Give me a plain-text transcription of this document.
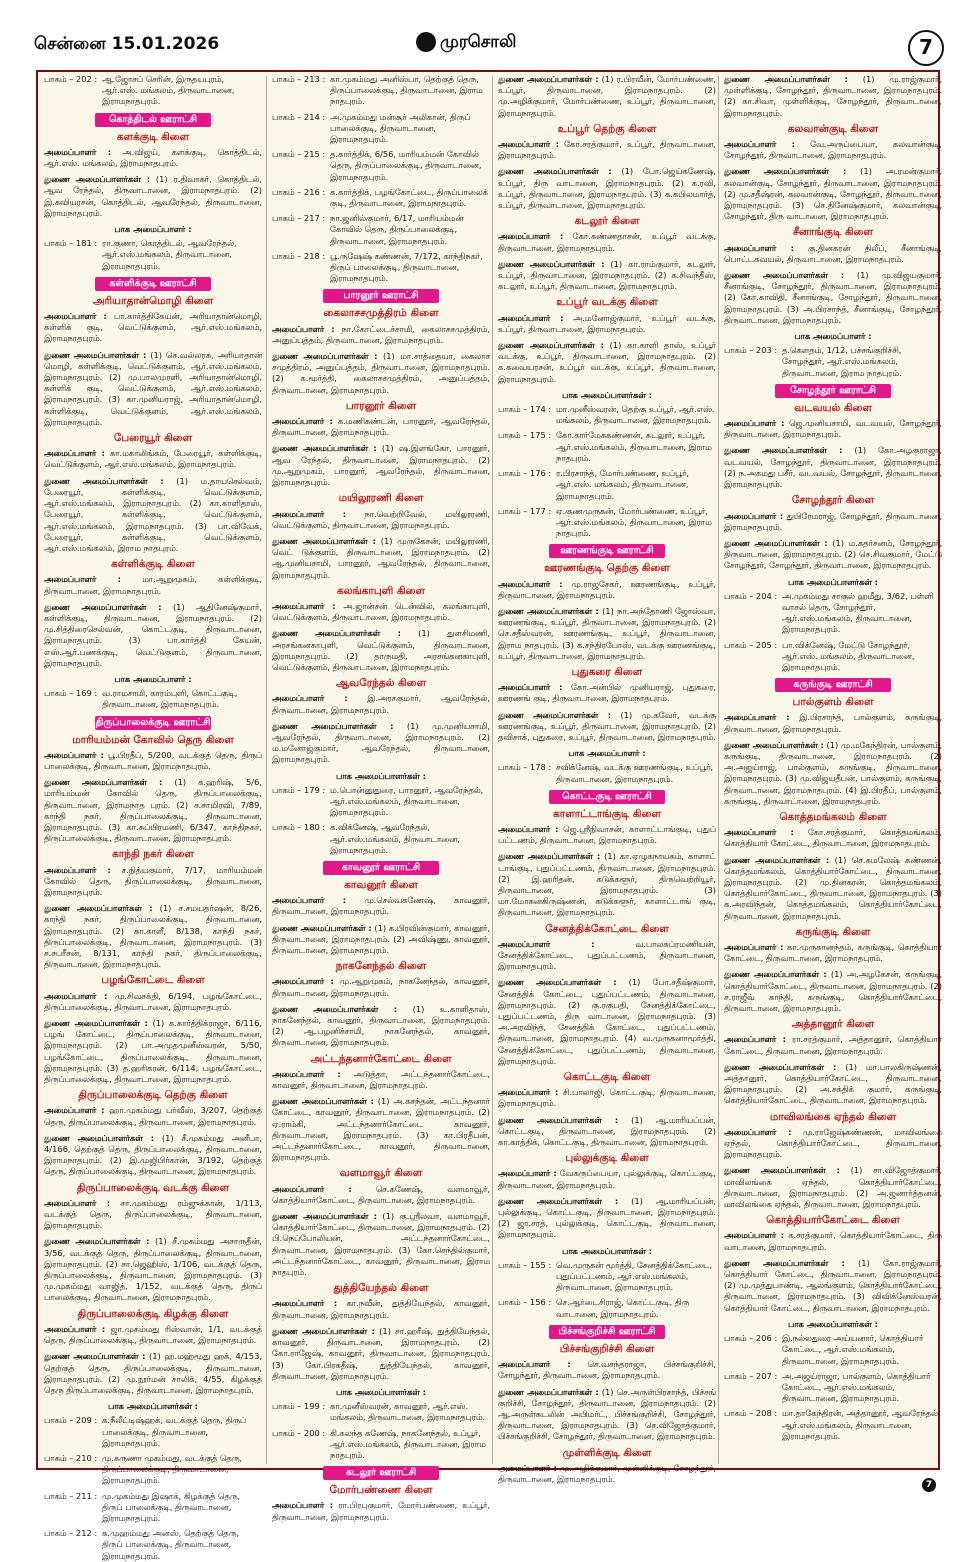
சென்னை 15.01.2026	முரசொலி	7
பாகம் – 202 : ஆ.ஜோசப் செரின், இருதயபுரம், ஆர்.எஸ். மங்கலம், திருவாடானை, இராமநாதபுரம்.
கொத்திடல் ஊராட்சி
களக்குடி கிளை

அமைப்பாளர் : அ.விஜய், களக்குடி, கொத்திடல், ஆர்.எஸ். மங்கலம், இராமநாதபுரம்.

துணை அமைப்பாளர்கள் : (1) ர.திவாகர், கொத்திடல், ஆவ ரேந்தல், திருவாடானை, இராமநாதபுரம். (2) இ.கவியரசன், கொத்திடல், ஆவரேந்தல், திருவாடானை, இராமநாதபுரம்.

பாக அமைப்பாளர் :
பாகம் – 181 : ரா.குணா, கொத்திடல், ஆவரேந்தல், ஆர்.எஸ்.மங்கலம், திருவாடானை, இராமநாதபுரம்.
கள்ளிக்குடி ஊராட்சி
அரியாதான்மொழி கிளை

அமைப்பாளர் : பா.கார்த்திகேயன், அரியாதான்மொழி, கள்ளிக் குடி, வெட்டுக்குளம், ஆர்.எஸ்.மங்கலம், இராமநாதபுரம்.

துணை அமைப்பாளர்கள் : (1) செ.வல்லரசு, அரியாதான் மொழி, கள்ளிக்குடி, வெட்டுக்குளம், ஆர்.எஸ்.மங்கலம், இராமநாதபுரம். (2) மு.பாலமுரளி, அரியாதான்மொழி, கள்ளிக் குடி, வெட்டுக்குளம், ஆர்.எஸ்.மங்கலம், இராமநாதபுரம். (3) கா.முனியராஜ், அரியாதான்மொழி, கள்ளிக்குடி, வெட்டுக்குளம், ஆர்.எஸ்.மங்கலம், இராமநாதபுரம்.

பேரையூர் கிளை

அமைப்பாளர் : கா.மகாலிங்கம், பேரையூர், கள்ளிக்குடி, வெட்டுக்குளம், ஆர்.எஸ்.மங்கலம், இராமநாதபுரம்.

துணை அமைப்பாளர்கள் : (1) ம.தாயசெல்வம், பேரையூர், கள்ளிக்குடி, வெட்டுக்குளம், ஆர்.எஸ்.மங்கலம், இராமநாதபுரம். (2) கா.காளிதாஸ், பேரையூர், கள்ளிக்குடி, வெட்டுக்குளம், ஆர்.எஸ்.மங்கலம், இராமநாதபுரம். (3) பா.விவேக், பேரையூர், கள்ளிக்குடி, வெட்டுக்குளம், ஆர்.எஸ்.மங்கலம், இராம நாதபுரம்.

கள்ளிக்குடி கிளை

அமைப்பாளர் : மா.ஆறுமுகம், கள்ளிக்குடி, திருவாடானை, இராமநாதபுரம்.

துணை அமைப்பாளர்கள் : (1) ஆதினேஷ்குமார், கள்ளிக்குடி, திருவாடானை, இராமநாதபுரம். (2) மு.சித்திரைசெல்வன், கொட்டகுடி, திருவாடானை, இராமநாதபுரம். (3) பா.கார்த்தி கேயன், எஸ்.ஆர்.பணக்குடி, வெட்டுகுளம், திருவாடானை, இராமநாதபுரம்.

பாக அமைப்பாளர் :
பாகம் – 169 : வ.ராமசாமி, காரம்புளி, கொட்டகுடி, திருவாடானை, இராமநாதபுரம்.
திருப்பாலைக்குடி ஊராட்சி
மாரியம்மன் கோவில் தெரு கிளை

அமைப்பாளர் : பூ.பிரதீப், 5/200, வடக்குத் தெரு, திருப் பாலைக்குடி, திருவாடானை, இராமநாதபுரம்.

துணை அமைப்பாளர்கள் : (1) க.ஹரிஷ், 5/6, மாரியம்மன் கோவில் தெரு, திருப்பாலைக்குடி, திருவாடானை, இராமநாத புரம். (2) ச.சாமிரவி, 7/89, காந்தி நகர், திருப்பாலைக்குடி, திருவாடானை, இராமநாதபுரம். (3) கா.சுப்பிரமணி, 6/347, காந்திநகர், திருப்பாலைக்குடி, திருவாடானை, இராமநாதபுரம்.

காந்தி நகர் கிளை

அமைப்பாளர் : ச.நித்யகுமார், 7/17, மாரியம்மன் கோவில் தெரு, திருப்பாலைக்குடி, திருவாடானை, இராமநாதபுரம்.

துணை அமைப்பாளர்கள் : (1) ச.சமயதர்ஷன், 8/26, காந்தி நகர், திருப்பாலைக்குடி, திருவாடானை, இராமநாதபுரம். (2) கா.காளீ, 8/138, காந்தி நகர், திருப்பாலைக்குடி, திருவாடானை, இராமநாதபுரம். (3) ச.சபரீசன், 8/131, காந்தி நகர், திருப்பாலைக்குடி, திருவாடானை, இராமநாதபுரம்.

பழங்கோட்டை கிளை

அமைப்பாளர் : மு.சிவசக்தி, 6/194, பழங்கோட்டை, திருப்பாலைக்குடி, திருவாடானை, இராமநாதபுரம்.

துணை அமைப்பாளர்கள் : (1) க.கார்த்திக்ராஜா, 6/116, பழங் கோட்டை, திருப்பாலைக்குடி, திருவாடானை, இராமநாதபுரம். (2) பா.அமுதமுனீஸ்வரன், 5/50, பழங்கோட்டை, திருப்பாலைக்குடி, திருவாடானை, இராமநாதபுரம். (3) த.ஹரிகரன், 6/114, பழங்கோட்டை, திருப்பாலைக்குடி, திருவாடானை, இராமநாதபுரம்.

திருப்பாலைக்குடி தெற்கு கிளை

அமைப்பாளர் : ஹா.முகம்மது பர்வீஸ், 3/207, தெற்குத் தெரு, திருப்பாலைக்குடி, திருவாடானை, இராமநாதபுரம்.

துணை அமைப்பாளர்கள் : (1) சீ.முகம்மது அனீபா, 4/166, தெற்குத் தெரு, திருப்பாலைக்குடி, திருவாடானை, இராமநாதபுரம். (2) இ.முஜிபிர்கான், 3/192, தெற்குத் தெரு, திருப்பாலைக்குடி, திருவாடானை, இராமநாதபுரம்.

திருப்பாலைக்குடி வடக்கு கிளை

அமைப்பாளர் : சா.முகம்மது ரம்ஜுக்கான், 1/113, வடக்குத் தெரு, திருப்பாலைக்குடி, திருவாடானை, இராமநாதபுரம்.

துணை அமைப்பாளர்கள் : (1) சீ.முகம்மது அசாருதீன், 3/56, வடக்குத் தெரு, திருப்பாலைக்குடி, திருவாடானை, இராமநாதபுரம். (2) சா.ஜெஹிஸ், 1/106, வடக்குத் தெரு, திருப்பாலைக்குடி, திருவாடானை, இராமநாதபுரம். (3) மு.முகம்மது வாஜித், 1/152, வடக்குத் தெரு, திருப் பாலைக்குடி, திருவாடானை, இராமநாதபுரம்.

திருப்பாலைக்குடி கிழக்கு கிளை

அமைப்பாளர் : ஜா.முகம்மது ரிஸ்வான், 1/1, வடக்குத் தெரு, திருப்பாலைக்குடி, திருவாடானை, இராமநாதபுரம்.

துணை அமைப்பாளர்கள் : (1) ஹ.மஹ்மூது ஹக், 4/153, தெற்குத் தெரு, திருப்பாலைக்குடி, திருவாடானை, இராமநாதபுரம். (2) மு.நூர்மன் சாலிக், 4/55, கிழக்குத் தெரு திருப்பாலைக்குடி, திருவாடானை, இராமநாதபுரம்.

பாக அமைப்பாளர்கள் :
பாகம் – 209 : க.நீலீட்டிஷ்ஹக், வடக்குத் தெரு, திருப் பாலைக்குடி, திருவாடானை, இராமநாதபுரம்.
பாகம் – 210 : மு.கருணா முகம்மது, வடக்குத் தெரு, திருப்பாலைக்குடி, திருவாடானை, இராமநாதபுரம்.
பாகம் – 211 : மு.முகம்மது இஷாக், கிழக்குத் தெரு, திருப் பாலைக்குடி, திருவாடானை, இராமநாதபுரம்.
பாகம் – 212 : க.முஹம்மது அனஸ், தெற்குத் தெரு, திருப் பாலைக்குடி, திருவாடானை, இராமநாதபுரம்.
பாகம் – 213 : கா.முகம்மது அனிஸ்பா, தெற்குத் தெரு, திருப்பாலைக்குடி, திருவாடானை, இராம நாதபுரம்.
பாகம் – 214 : அ.முகம்மது மன்சூர் அலிகான், திருப் பாலைக்குடி, திருவாடானை, இராமநாதபுரம்.
பாகம் – 215 : த.கார்த்திக், 6/56, மாரியம்மன் கோவில் தெரு, திருப்பாலைக்குடி, திருவாடானை, இராமநாதபுரம்.
பாகம் – 216 : க.கார்த்திக், பழங்கோட்டை, திருப்பாலைக் குடி, திருவாடானை, இராமநாதபுரம்.
பாகம் – 217 : நா.ஜனில்குமார், 6/17, மாரியம்மன் கோவில் தெரு, திருப்பாலைக்குடி, திருவாடானை, இராமநாதபுரம்.
பாகம் – 218 : பூ.ருஷேஷ் கண்ணன், 7/172, காந்திநகர், திருப் பாலைக்குடி, திருவாடானை, இராமநாதபுரம்.
பாரனூர் ஊராட்சி
கைலாசசமுத்திரம் கிளை

அமைப்பாளர் : நா.கோட்டைச்சாமி, கைலாசசமுத்திரம், அனுப்பத்தம், திருவாடானை, இராமநாதபுரம்.

துணை அமைப்பாளர்கள் : (1) மா.சாத்தையா, கைலாச சமுத்திரம், அனுப்பத்தம், திருவாடானை, இராமநாதபுரம். (2) க.மூர்த்தி, கைலாசசமுத்திரம், அனுப்பத்தம், திருவாடானை, இராமநாதபுரம்.

பாரனூர் கிளை

அமைப்பாளர் : க.மணிகண்டன், பாரனூர், ஆவரேந்தல், திருவாடானை, இராமநாதபுரம்.

துணை அமைப்பாளர்கள் : (1) ஷ.இளங்கோ, பாரனூர், ஆவ ரேந்தல், திருவாடானை, இராமநாதபுரம். (2) மு.ஆறுமுகம், பாரனூர், ஆவரேந்தல், திருவாடானை, இராமநாதபுரம்.

மயிலூரணி கிளை

அமைப்பாளர் : நா.வெற்றிவேல், மயிலூரணி, வெட்டுக்குளம், திருவாடானை, இராமநாதபுரம்.

துணை அமைப்பாளர்கள் : (1) முருகேசன், மயிலூரணி, வெட் டுக்குளம், திருவாடானை, இராமநாதபுரம். (2) ஆ.முனியசாமி, பாரனூர், ஆவரேந்தல், திருவாடானை, இராமநாதபுரம்.

கலங்காபுளி கிளை

அமைப்பாளர் : அ.ஜான்சன் டென்வில், கலங்காபுளி, வெட்டுக்குளம், திருவாடானை, இராமநாதபுரம்.

துணை அமைப்பாளர்கள் : (1) துளசிமணி, அரசங்கனகாபுளி, வெட்டுக்குளம், திருவாடானை, இராமநாதபுரம். (2) தாருமதி, அரசங்கனகாபுளி, வெட்டுக்குளம், திருவாடானை, இராமநாதபுரம்.

ஆவரேந்தல் கிளை

அமைப்பாளர் : இ.அரசகுமார், ஆவரேந்தல், திருவாடானை, இராமநாதபுரம்.

துணை அமைப்பாளர்கள் : (1) மு.முனியசாமி, ஆவரேந்தல், திருவாடானை, இராமநாதபுரம். (2) ம.மனோஜ்குமார், ஆவரேந்தல், திருவாடானை, இராமநாதபுரம்.

பாக அமைப்பாளர்கள் :
பாகம் – 179 : ம.பொன்னுதுரை, பாரனூர், ஆவரேந்தல், ஆர்.எஸ்.மங்கலம், திருவாடானை, இராமநாதபுரம்.
பாகம் – 180 : க.விக்னேஷ், ஆவரேந்தல், ஆர்.எஸ்.மங்கலம், திருவாடானை, இராமநாதபுரம்.
காவனூர் ஊராட்சி
காவனூர் கிளை

அமைப்பாளர் : மு.செல்வகணேஷ், காவனூர், திருவாடானை, இராமநாதபுரம்.

துணை அமைப்பாளர்கள் : (1) க.பிரவின்குமார், காவனூர், திருவாடானை, இராமநாதபுரம். (2) அவிஷ்ணு, காவனூர், திருவாடானை, இராமநாதபுரம்.

நாகனேந்தல் கிளை

அமைப்பாளர் : மு.ஆறுமுகம், நாகனேந்தல், காவனூர், திருவாடானை, இராமநாதபுரம்.

துணை அமைப்பாளர்கள் : (1) உ.காளிதாஸ், நாகனேந்தல், காவனூர், திருவாடானை, இராமநாதபுரம். (2) ஆ.பழனிச்சாமி, நாகனேந்தல், காவனூர், திருவாடானை, இராமநாதபுரம்.

அட்டந்தனார்கோட்டை கிளை

அமைப்பாளர் : அடுத்தா, அட்டந்தனார்கோட்டை, காவனூர், திருவாடானை, இராமநாதபுரம்.

துணை அமைப்பாளர்கள் : (1) அ.கசந்தன், அட்டந்தனார் கோட்டை, காவனூர், திருவாடானை, இராமநாதபுரம். (2) ஏ.ராம்கி, அட்டந்தனார்கோட்டை காவனூர், திருவாடானை, இராமநாதபுரம். (3) கா.பிரதீபன், அட்டந்தனார்கோட்டை, காவனூர், திருவாடானை, இராமநாதபுரம்.

வளமாவூர் கிளை

அமைப்பாளர் : செ.கணேஷ், வளமாவூர், கொத்தியார்கோட்டை, திருவாடானை, இராமநாதபுரம்.

துணை அமைப்பாளர்கள் : (1) கு.ஸ்ரீலவா, வளமாவூர், கொத்தியார்கோட்டை, திருவாடானை, இராமநாதபுரம். (2) பி.நெப்போலியன், அட்டந்தனார்கோட்டை, திருவாடானை, இராமநாதபுரம். (3) கோ.செந்தில்குமார், அட்டந்தனார்கோட்டை, காவனூர், திருவாடானை, இராம நாதபுரம்.

துத்தியேந்தல் கிளை

அமைப்பாளர் : கா.நவீன், துத்தியேந்தல், காவனூர், திருவாடானை, இராமநாதபுரம்.

துணை அமைப்பாளர்கள் : (1) சா.ஹரீஷ், துத்தியேந்தல், காவனூர், திருவாடானை, இராமநாதபுரம். (2) கோ.ராஜேஷ், காவனூர், திருவாடானை, இராமநாதபுரம். (3) கோ.பிரகதீஷ், துத்தியேந்தல், காவனூர், திருவாடானை, இராமநாதபுரம்.

பாக அமைப்பாளர்கள் :
பாகம் – 199 : கா.முனீஸ்வரன், காவனூர், ஆர்.எஸ். மங்கலம், திருவாடானை, இராமநாதபுரம்.
பாகம் – 200 : கி.கலந்த கணேஷ், நாகனேந்தல், உப்பூர், ஆர்.எஸ்.மங்கலம், திருவாடானை, இராம நாதபுரம்.
கடலூர் ஊராட்சி
மோர்பண்ணை கிளை

அமைப்பாளர் : ரா.பிரபுகுமார், மோர்பண்ணை, உப்பூர், திருவாடானை, இராமநாதபுரம்.

துணை அமைப்பாளர்கள் : (1) ர.பிரவீன், மோர்பண்ணை, உப்பூர், திருவாடானை, இராமநாதபுரம். (2) மு.அழிக்குமார், மோர்பண்ணை, உப்பூர், திருவாடானை, இராமநாதபுரம்.

உப்பூர் தெற்கு கிளை

அமைப்பாளர் : கோ.சரத்குமார், உப்பூர், திருவாடானை, இராமநாதபுரம்.

துணை அமைப்பாளர்கள் : (1) போ.ஜெய்கணேஷ், உப்பூர், திரு வாடானை, இராமநாதபுரம். (2) க.ரவி, உப்பூர், திருவாடானை, இராமநாதபுரம். (3) க.கபிலமார்த், உப்பூர், திருவாடானை, இராமநாதபுரம்.

கடலூர் கிளை

அமைப்பாளர் : கோ.கண்ணதாசன், உப்பூர் வடக்கு, திருவாடானை, இராமநாதபுரம்.

துணை அமைப்பாளர்கள் : (1) கா.ராம்குமார், கடலூர், உப்பூர், திருவாடானை, இராமநாதபுரம். (2) க.சிவந்தீஸ், கடலூர், உப்பூர், திருவாடானை, இராமநாதபுரம்.

உப்பூர் வடக்கு கிளை

அமைப்பாளர் : அ.மனோஜ்குமார், உப்பூர் வடக்கு, உப்பூர், திருவாடானை, இராமநாதபுரம்.

துணை அமைப்பாளர்கள் : (1) கா.காளி தாஸ், உப்பூர் வடக்கு, உப்பூர், திருவாடானை, இராமநாதபுரம். (2) க.கவையரசன், உப்பூர் வடக்கு, உப்பூர், திருவாடானை, இராமநாதபுரம்.

பாக அமைப்பாளர்கள் :
பாகம் – 174 : மா.முனீஸ்வரன், தெற்கு உப்பூர், ஆர்.எஸ். மங்கலம், திருவாடானை, இராமநாதபுரம்.
பாகம் – 175 : கோ.கார்மேககண்ணன், கடலூர், உப்பூர், ஆர்.எஸ்.மங்கலம், திருவாடானை, இராம நாதபுரம்.
பாகம் – 176 : ர.பிரசாந்த், மோர்பண்ணை, உப்பூர், ஆர்.எஸ். மங்கலம், திருவாடானை, இராமநாதபுரம்.
பாகம் – 177 : ஏ.குணமுருகன், மோர்பண்ணை, உப்பூர், ஆர்.எஸ்.மங்கலம், திருவாடானை, இராம நாதபுரம்.
ஊரணங்குடி ஊராட்சி
ஊரணங்குடி தெற்கு கிளை

அமைப்பாளர் : மு.ராஜசேகர், ஊரணங்குடி, உப்பூர், திருவாடானை, இராமநாதபுரம்.

துணை அமைப்பாளர்கள் : (1) நா.அந்தோணி ஜோஸ்வா, ஊரணங்குடி, உப்பூர், திருவாடானை, இராமநாதபுரம். (2) செ.சதீஸ்வரன், ஊரணங்குடி, உப்பூர், திருவாடானை, இராம நாதபுரம். (3) க.சந்திரபோஸ், வடக்கு ஊரணங்குடி, உப்பூர், திருவாடானை, இராமநாதபுரம்.

புதுகரை கிளை

அமைப்பாளர் : கோ.அன்பில் முனியராஜ், புதுகரை, ஊரணங் குடி, திருவாடானை, இராமநாதபுரம்.

துணை அமைப்பாளர்கள் : (1) மு.கவேர், வடக்கு ஊரணங்குடி, உப்பூர், திருவாடானை, இராமநாதபுரம். (2) தவிசாக், புதுகரை, உப்பூர், திருவாடானை, இராமநாதபுரம்.

பாக அமைப்பாளர் :
பாகம் – 178 : சவிக்னேஷ், வடக்கு ஊரணங்குடி, உப்பூர், திருவாடானை, இராமநாதபுரம்.
கொட்டகுடி ஊராட்சி
காளாட்டாங்குடி கிளை

அமைப்பாளர் : ஜெ.ஸ்ரீநிவாசன், காளாட்டாங்குடி, புதுப் பட்டணம், திருவாடானை, இராமநாதபுரம்.

துணை அமைப்பாளர்கள் : (1) கா.ஏழுகநாயகம், காளாட் டாங்குடி, புதுப்பட்டணம், திருவாடானை, இராமநாதபுரம். (2) இ.ஹரிதன், கடுக்களூர், திருவெற்றியூர், திருவாடானை, இராமநாதபுரம். (3) மா.மோகனகிருஷ்ணன், கடுக்களூர், காளாட்டாங் குடி, திருவாடானை, இராமநாதபுரம்.

சேனத்திக்கோட்டை கிளை

அமைப்பாளர் : வ.பாலசுப்ரமணியன், சேனத்திக்கோட்டை, புதுப்பட்டணம், திருவாடானை, இராமநாதபுரம்.

துணை அமைப்பாளர்கள் : (1) போ.சதீஷ்குமார், சேனத்திக் கோட்டை, புதுப்பட்டணம், திருவாடானை, இராமநாதபுரம். (2) கு.ரகுபதி, சேனத்திக்கோட்டை, புதுப்பட்டணம், திரு வாடானை, இராமநாதபுரம். (3) அ.அரவிந்த், சேனத்திக் கோட்டை, புதுப்பட்டணம், திருவாடானை, இராமநாதபுரம். (4) வ.முருகனாமூர்த்தி, சேனத்திக்கோட்டை, புதுப்பட்டணம், திருவாடானை, இராமநாதபுரம்.

கொட்டகுடி கிளை

அமைப்பாளர் : சி.பாலாஜி, கொட்டகுடி, திருவாடானை, இராமநாதபுரம்.

துணை அமைப்பாளர்கள் : (1) ஆ.மாரியப்பன், கொட்டகுடி, திருவாடானை, இராமநாதபுரம். (2) கா.காத்திக், கொட்டகுடி, திருவாடானை, இராமநாதபுரம்.

புல்லுக்குடி கிளை

அமைப்பாளர் : வேகருப்பையா, புல்லுக்குடி, கொட்டகுடி, திருவாடானை, இராமநாதபுரம்.

துணை அமைப்பாளர்கள் : (1) ஆ.மாரியப்பன், புல்லுக்குடி, கொட்டகுடி, திருவாடானை, இராமநாதபுரம். (2) ஜா.சரத், புல்லுக்குடி, கொட்டகுடி, திருவாடானை, இராமநாதபுரம்.

பாக அமைப்பாளர்கள் :
பாகம் – 155 : வெ.முருகன் மூர்த்தி, சேனத்திக்கோட்டை, புதுப்பட்டணம், ஆர்.எஸ்.மங்கலம், திருவாடானை, இராமநாதபுரம்.
பாகம் – 156 : செ.ஆர்டைசிராஜ், கொட்டகுடி, திரு வாடானை, இராமநாதபுரம்.
பிச்சங்குறிச்சி ஊராட்சி
பிச்சங்குறிச்சி கிளை

அமைப்பாளர் : செ.வசந்தராஜா, பிச்சங்குறிச்சி, சோழந்தூர், திருவாடானை, இராமநாதபுரம்.

துணை அமைப்பாளர்கள் : (1) செ.அருள்பிரசாந்த், பிச்சங் குறிச்சி, சோழந்தூர், திருவாடானை, இராமநாதபுரம். (2) ஆ.அருள்சுடலின் அபிமர்ட், பிச்சங்குறிச்சி, சோழந்தூர், திருவாடானை, இராமநாதபுரம். (3) செ.விஜோத்குமார், பிச்சங்குறிச்சி, சோழந்தூர், திருவாடானை, இராமநாதபுரம்.

முள்ளிக்குடி கிளை

அமைப்பாளர் : மு.அழிக்குமார், முள்ளிக்குடி, சோழந்தூர், திருவாடானை, இராமநாதபுரம்.

துணை அமைப்பாளர்கள் : (1) மு.ராஜ்குமார், முள்ளிக்குடி, சோழந்தூர், திருவாடானை, இராமநாதபுரம். (2) கா.சிவா, முள்ளிக்குடி, சோழந்தூர், திருவாடானை, இராமநாதபுரம்.

கலவான்குடி கிளை

அமைப்பாளர் : வே.அருப்பையா, கலவான்குடி, சோழந்தூர், திருவாடானை, இராமநாதபுரம்.

துணை அமைப்பாளர்கள் : (1) அ.ரமன்குமார், கலவான்குடி, சோழந்தூர், திருவாடானை, இராமநாதபுரம். (2) மு.சதீஷ்ரன், கலவான்குடி, சோழந்தூர், திருவாடானை, இராமநாதபுரம். (3) செ.தினேஷ்குமார், கலவான்குடி, சோழந்தூர், திரு வாடானை, இராமநாதபுரம்.

சீனாங்குடி கிளை

அமைப்பாளர் : கு.தினகரன் திலீப், சீனாங்குடி, பொட்டகவயல், திருவாடானை, இராமநாதபுரம்.

துணை அமைப்பாளர்கள் : (1) மு.விஜயகுமார், சீனாங்குடி, சோழந்தூர், திருவாடானை, இராமநாதபுரம். (2) கோ.காவிதி, சீனாங்குடி, சோழந்தூர், திருவாடானை, இராமநாதபுரம். (3) அ.பிரசாந்த், சீனாங்குடி, சோழந்தூர், திருவாடானை, இராமநாதபுரம்.

பாக அமைப்பாளர் :
பாகம் – 203 : த.கௌதம், 1/12, பச்சங்குறிச்சி, சோழந்தூர், ஆர்.எஸ்.மங்கலம், திருவாடானை, இராம நாதபுரம்.
சோழந்தூர் ஊராட்சி
வடவயல் கிளை

அமைப்பாளர் : ஜெ.முனியசாமி, வடவயல், சோழந்தூர், திருவாடானை, இராமநாதபுரம்.

துணை அமைப்பாளர்கள் : (1) கோ.அழகுராஜா, வடவயல், சோழந்தூர், திருவாடானை, இராமநாதபுரம். (2) ந.அகமது பசீர், வடவயல், சோழந்தூர், திருவாடானை, இராமநாதபுரம்.

சோழந்தூர் கிளை

அமைப்பாளர் : துபிரேமராஜ், சோழந்தூர், திருவாடானை, இராமநாதபுரம்.

துணை அமைப்பாளர்கள் : (1) ம.கதர்சனம், சோழந்தூர், திருவாடானை, இராமநாதபுரம். (2) செ.சிவகுமார், மேட்டு சோழந்தூர், சோழந்தூர், திருவாடானை, இராமநாதபுரம்.

பாக அமைப்பாளர்கள் :
பாகம் – 204 : அ.முகம்மது சாகுல் ஹமீது, 3/62, பள்ளி வாசல் தெரு, சோழந்தூர், ஆர்.எஸ்.மங்கலம், திருவாடானை, இராமநாதபுரம்.
பாகம் – 205 : பா.விக்னேஷ், மேட்டு சோழந்தூர், ஆர்.எஸ். மங்கலம், திருவாடானை, இராமநாதபுரம்.
கருங்குடி ஊராட்சி
பால்குளம் கிளை

அமைப்பாளர் : இ.பிரசாந்த், பால்குளம், கருங்குடி, திருவாடானை, இராமநாதபுரம்.

துணை அமைப்பாளர்கள் : (1) மு.மகேந்திரன், பால்குளம், கருங்குடி, திருவாடானை, இராமநாதபுரம். (2) அ.அஜய்ராஜ், பால்குளம், கருங்குடி, திருவாடானை, இராமநாதபுரம். (3) மு.விஜயதீபன், பால்குளம், கருங்குடி, திருவாடானை, இராமநாதபுரம். (4) இ.பிரதீப், பால்குளம், கருங்குடி, திருவாடானை, இராமநாதபுரம்.

கொத்தமங்கலம் கிளை

அமைப்பாளர் : கோ.சரத்குமார், கொத்தமங்கலம், கொத்தியார் கோட்டை, திருவாடானை, இராமநாதபுரம்.

துணை அமைப்பாளர்கள் : (1) செ.கமலேஷ் கண்ணன், கொத்தமங்கலம், கொத்தியார்கோட்டை, திருவாடானை, இராமநாதபுரம். (2) மு.தினகரன், கொத்தமங்கலம், கொத்தியார்கோட்டை, திருவாடானை, இராமநாதபுரம். (3) க.அரவிந்தன், கொத்தமங்கலம், கொத்தியார்கோட்டை, திருவாடானை, இராமநாதபுரம்.

கருங்குடி கிளை

அமைப்பாளர் : கா.முருகானந்தம், கருங்குடி, கொத்தியார் கோட்டை, திருவாடானை, இராமநாதபுரம்.

துணை அமைப்பாளர்கள் : (1) அ.அழகேசன், கருங்குடி, கொத்தியார்கோட்டை, திருவாடானை, இராமநாதபுரம். (2) ச.ராஜீவ் காந்தி, கருங்குடி, கொத்தியார்கோட்டை, திருவாடானை, இராமநாதபுரம்.

அத்தானூர் கிளை

அமைப்பாளர் : ரா.சரத்குமார், அத்தானூர், கொத்தியார் கோட்டை, திருவாடானை, இராமநாதபுரம்.

துணை அமைப்பாளர்கள் : (1) மா.பாலகிருஷ்ணன், அத்தானூர், கொத்தியார்கோட்டை, திருவாடானை, இராமநாதபுரம். (2) அ.சக்திக் குமார், கருங்குடி, கொத்தியார்கோட்டை, திருவாடானை, இராமநாதபுரம்.

மாவிலங்கை ஏந்தல் கிளை

அமைப்பாளர் : மு.ராஜேஷ்கண்ணன், மாவிலங்கை ஏந்தல், கொத்தியார்கோட்டை, திருவாடானை, இராமநாதபுரம்.

துணை அமைப்பாளர்கள் : (1) சா.விஜோத்குமார், மாவிலங்கை ஏந்தல், கொத்தியார்கோட்டை, திருவாடானை, இராமநாதபுரம். (2) அ.ஜனார்த்தனன், மாவிலங்கை ஏந்தல், திருவாடானை, இராமநாதபுரம்.

கொத்தியார்கோட்டை கிளை

அமைப்பாளர் : க.சரத்குமார், கொத்தியார்கோட்டை, திரு வாடானை, இராமநாதபுரம்.

துணை அமைப்பாளர்கள் : (1) கோ.ராஜ்குமார், கொத்தியார் கோட்டை, திருவாடானை, இராமநாதபுரம். (2) மு.முத்துபாண்டி, ஆலங்குளம், கொத்தியார்கோட்டை, திருவாடானை, இராமநாதபுரம். (3) விவிக்னேஸ்வரன், கொத்தியார் கோட்டை, திருவாடானை, இராமநாதபுரம்.

பாக அமைப்பாளர்கள் :
பாகம் – 206 : இ.நல்லதுரை அய்யனார், கொத்தியார் கோட்டை, ஆர்.எஸ்.மங்கலம், திருவாடானை, இராமநாதபுரம்.
பாகம் – 207 : அ.அஜய்ராஜா, பால்குளம், கொத்தியார் கோட்டை, ஆர்.எஸ்.மங்கலம், திருவாடானை, இராமநாதபுரம்.
பாகம் – 208 : மா.தாகேந்திரன், அத்தானூர், ஆவரேந்தல், ஆர்.எஸ்.மங்கலம், திருவாடானை, இராமநாதபுரம்.
7
